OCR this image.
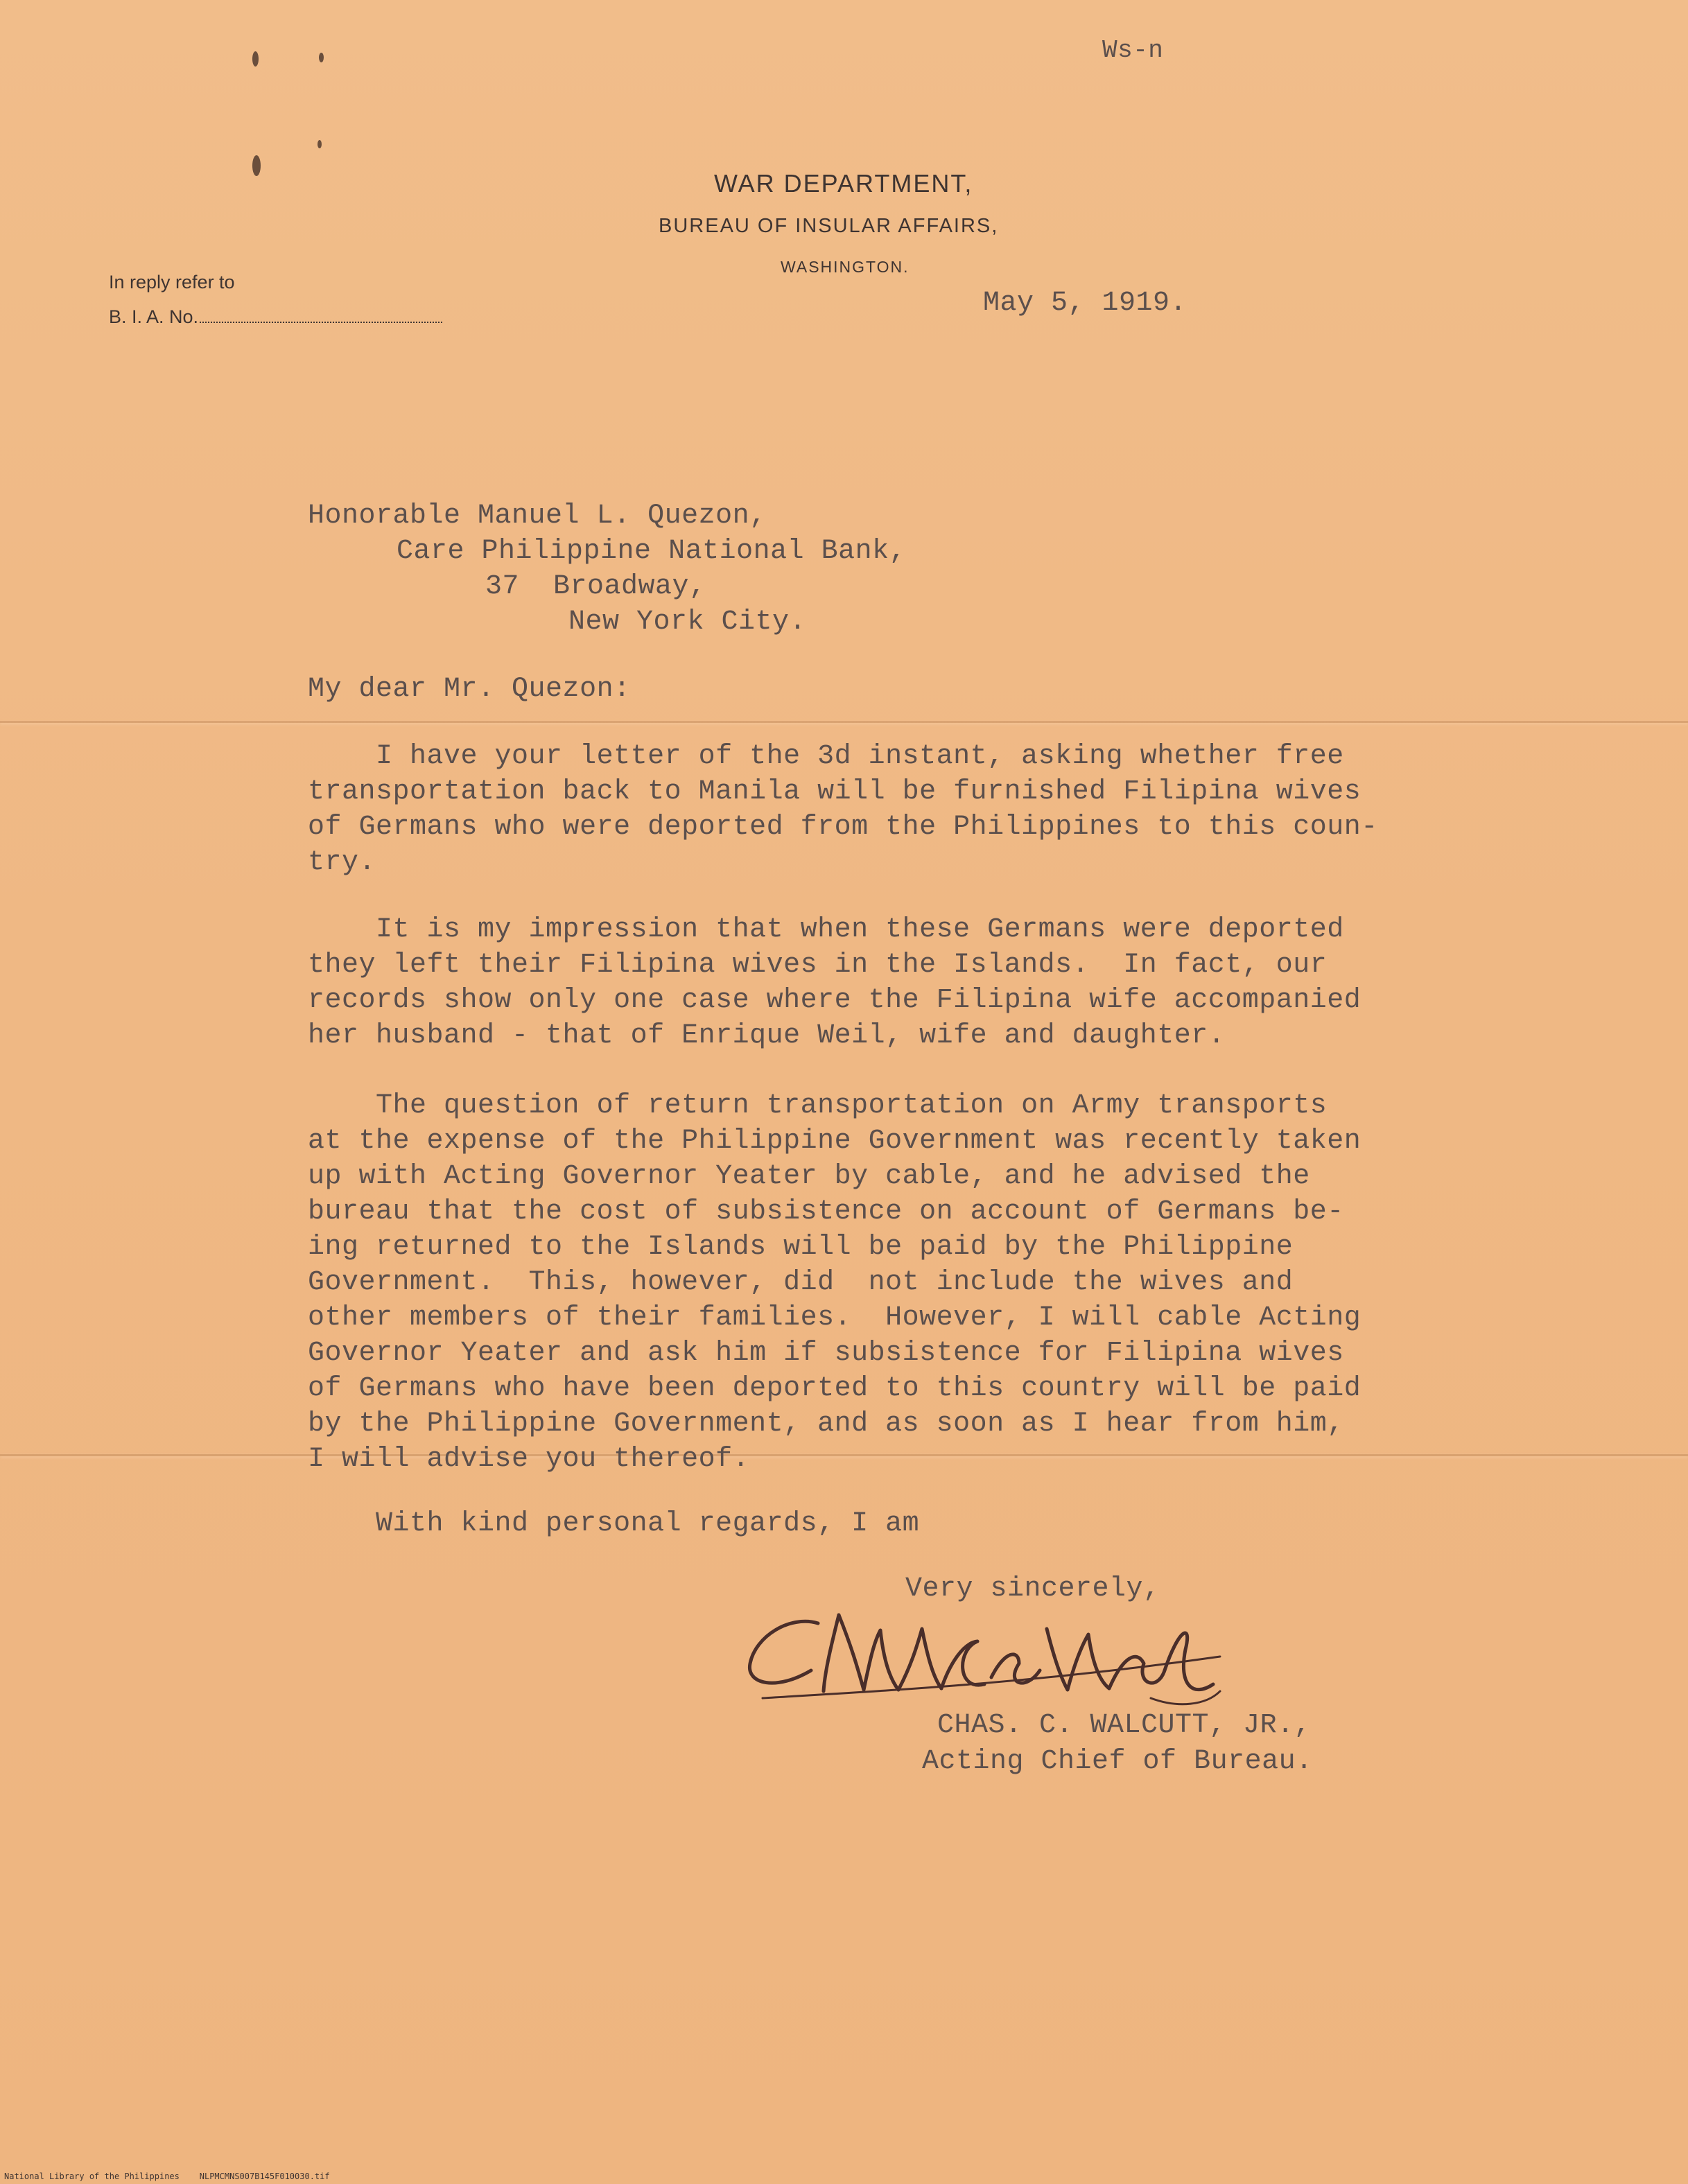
Ws-n
WAR DEPARTMENT,
BUREAU OF INSULAR AFFAIRS,
WASHINGTON.
In reply refer to
B. I. A. No.	May 5, 1919.
Honorable Manuel L. Quezon,
Care Philippine National Bank,
37  Broadway,
New York City.
My dear Mr. Quezon:
I have your letter of the 3d instant, asking whether free
transportation back to Manila will be furnished Filipina wives
of Germans who were deported from the Philippines to this coun-
try.
It is my impression that when these Germans were deported
they left their Filipina wives in the Islands.  In fact, our
records show only one case where the Filipina wife accompanied
her husband - that of Enrique Weil, wife and daughter.
The question of return transportation on Army transports
at the expense of the Philippine Government was recently taken
up with Acting Governor Yeater by cable, and he advised the
bureau that the cost of subsistence on account of Germans be-
ing returned to the Islands will be paid by the Philippine
Government.  This, however, did  not include the wives and
other members of their families.  However, I will cable Acting
Governor Yeater and ask him if subsistence for Filipina wives
of Germans who have been deported to this country will be paid
by the Philippine Government, and as soon as I hear from him,
I will advise you thereof.
With kind personal regards, I am
Very sincerely,
CHAS. C. WALCUTT, JR.,
Acting Chief of Bureau.
National Library of the Philippines    NLPMCMNS007B145F010030.tif
